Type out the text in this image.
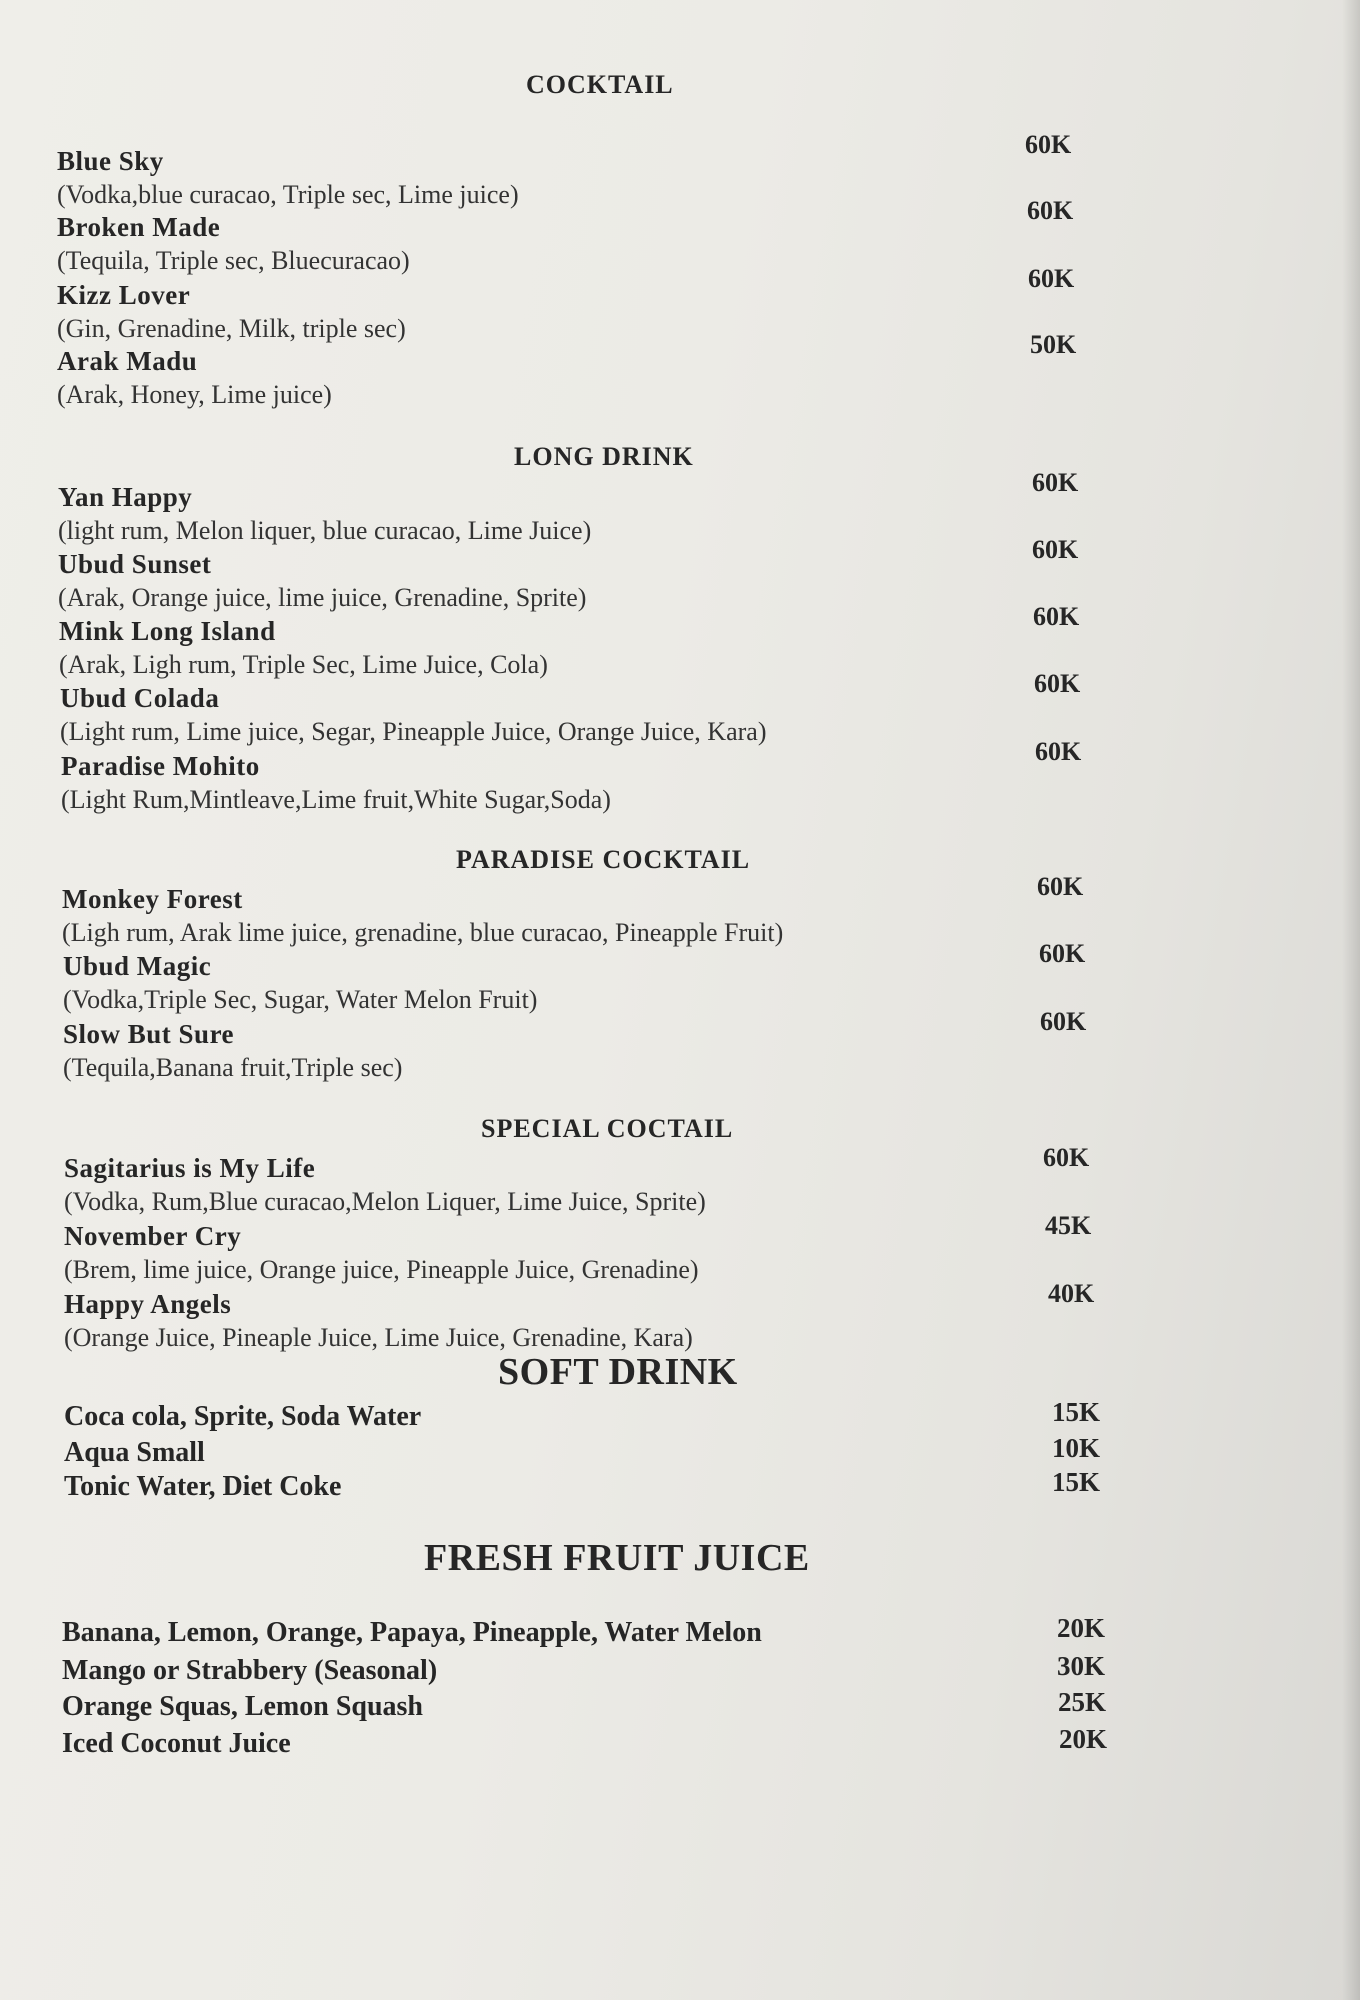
COCKTAIL
Blue Sky
(Vodka,blue curacao, Triple sec, Lime juice)
60K
Broken Made
(Tequila, Triple sec, Bluecuracao)
60K
Kizz Lover
(Gin, Grenadine, Milk, triple sec)
60K
Arak Madu
(Arak, Honey, Lime juice)
50K
LONG DRINK
Yan Happy
(light rum, Melon liquer, blue curacao, Lime Juice)
60K
Ubud Sunset
(Arak, Orange juice, lime juice, Grenadine, Sprite)
60K
Mink Long Island
(Arak, Ligh rum, Triple Sec, Lime Juice, Cola)
60K
Ubud Colada
(Light rum, Lime juice, Segar, Pineapple Juice, Orange Juice, Kara)
60K
Paradise Mohito
(Light Rum,Mintleave,Lime fruit,White Sugar,Soda)
60K
PARADISE COCKTAIL
Monkey Forest
(Ligh rum, Arak lime juice, grenadine, blue curacao, Pineapple Fruit)
60K
Ubud Magic
(Vodka,Triple Sec, Sugar, Water Melon Fruit)
60K
Slow But Sure
(Tequila,Banana fruit,Triple sec)
60K
SPECIAL COCTAIL
Sagitarius is My Life
(Vodka, Rum,Blue curacao,Melon Liquer, Lime Juice, Sprite)
60K
November Cry
(Brem, lime juice, Orange juice, Pineapple Juice, Grenadine)
45K
Happy Angels
(Orange Juice, Pineaple Juice, Lime Juice, Grenadine, Kara)
40K
SOFT DRINK
Coca cola, Sprite, Soda Water	15K
Aqua Small	10K
Tonic Water, Diet Coke	15K
FRESH FRUIT JUICE
Banana, Lemon, Orange, Papaya, Pineapple, Water Melon	20K
Mango or Strabbery (Seasonal)	30K
Orange Squas, Lemon Squash	25K
Iced Coconut Juice	20K
